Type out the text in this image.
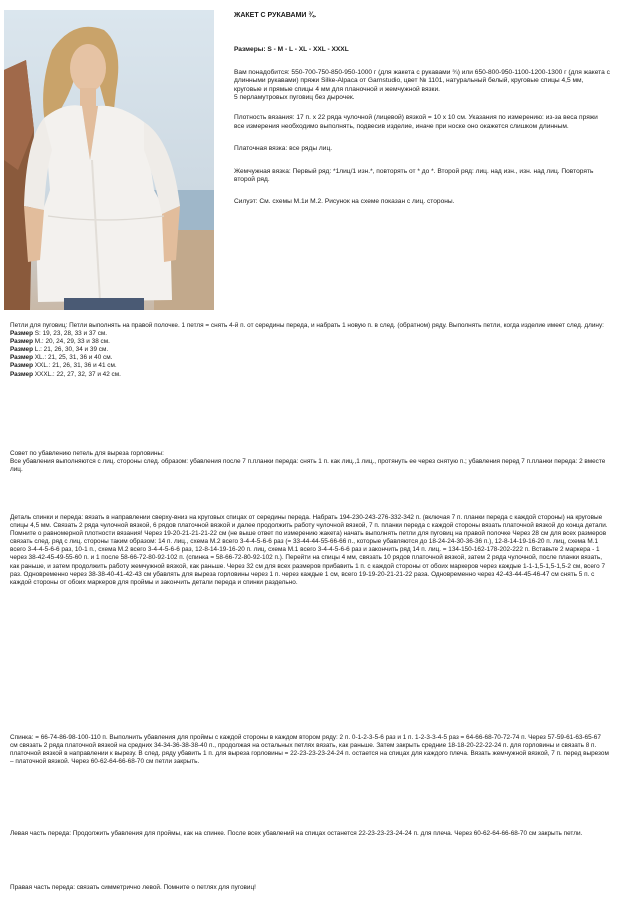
ЖАКЕТ С РУКАВАМИ ¾.

Размеры: S - M - L - XL - XXL - XXXL

Вам понадобится: 550-700-750-850-950-1000 г (для жакета с рукавами ¾) или 650-800-950-1100-1200-1300 г (для жакета с длинными рукавами) пряжи Silke-Alpaca от Garnstudio, цвет № 1101, натуральный белый, круговые спицы 4,5 мм, круговые и прямые спицы 4 мм для планочной и жемчужной вязки.

5 перламутровых пуговиц без дырочек.

Плотность вязания: 17 п. х 22 ряда чулочной (лицевой) вязкой = 10 х 10 см. Указания по измерению: из-за веса пряжи все измерения необходимо выполнять, подвесив изделие, иначе при носке оно окажется слишком длинным.

Платочная вязка: все ряды лиц.

Жемчужная вязка: Первый ряд: *1лиц/1 изн.*, повторять от * до *. Второй ряд: лиц. над изн., изн. над лиц. Повторять второй ряд.

Силуэт: См. схемы М.1и М.2. Рисунок на схеме показан с лиц. стороны.

Петли для пуговиц: Петли выполнять на правой полочке. 1 петля = снять 4-й п. от середины переда, и набрать 1 новую п. в след. (обратном) ряду. Выполнять петли, когда изделие имеет след. длину:

Размер S: 19, 23, 28, 33 и 37 см.

Размер M.: 20, 24, 29, 33 и 38 см.

Размер L.: 21, 26, 30, 34 и 39 см.

Размер XL.: 21, 25, 31, 36 и 40 см.

Размер XXL.: 21, 26, 31, 36 и 41 см.

Размер XXXL.: 22, 27, 32, 37 и 42 см.

Совет по убавлению петель для выреза горловины:

Все убавления выполняются с лиц. стороны след. образом: убавления после 7 п.планки переда: снять 1 п. как лиц.,1 лиц., протянуть ее через снятую п.; убавления перед 7 п.планки переда: 2 вместе лиц.

Деталь спинки и переда: вязать в направлении сверху-вниз на круговых спицах от середины переда. Набрать 194-230-243-276-332-342 п. (включая 7 п. планки переда с каждой стороны) на круговые спицы 4,5 мм. Связать 2 ряда чулочной вязкой, 6 рядов платочной вязкой и далее продолжить работу чулочной вязкой, 7 п. планки переда с каждой стороны вязать платочной вязкой до конца детали. Помните о равномерной плотности вязания! Через 19-20-21-21-21-22 см (не выше ответ по измерению жакета) начать выполнять петли для пуговиц на правой полочке Через 28 см для всех размеров связать след. ряд с лиц. стороны таким образом: 14 п. лиц., схема М.2 всего 3-4-4-5-6-6 раз (= 33-44-44-55-66-66 п., которые убавляются до 18-24-24-30-36-36 п.), 12-8-14-19-16-20 п. лиц, схема М.1 всего 3-4-4-5-6-6 раз, 10-1 п., схема М.2 всего 3-4-4-5-6-6 раз, 12-8-14-19-16-20 п. лиц, схема М.1 всего 3-4-4-5-6-6 раз и закончить ряд 14 п. лиц. = 134-150-162-178-202-222 п. Вставьте 2 маркера - 1 через 38-42-45-49-55-60 п. и 1 после 58-66-72-80-92-102 п. (спинка = 58-66-72-80-92-102 п.). Перейти на спицы 4 мм, связать 10 рядов платочной вязкой, затем 2 ряда чулочной, после планки вязать, как раньше, и затем продолжить работу жемчужной вязкой, как раньше. Через 32 см для всех размеров прибавить 1 п. с каждой стороны от обоих маркеров через каждые 1-1-1,5-1,5-1,5-2 см, всего 7 раз. Одновременно через 38-38-40-41-42-43 см убавлять для выреза горловины через 1 п. через каждые 1 см, всего 19-19-20-21-21-22 раза. Одновременно через 42-43-44-45-46-47 см снять 5 п. с каждой стороны от обоих маркеров для проймы и закончить детали переда и спинки раздельно.

Спинка: = 66-74-86-98-100-110 п. Выполнить убавления для проймы с каждой стороны в каждом втором ряду: 2 п. 0-1-2-3-5-6 раз и 1 п. 1-2-3-3-4-5 раз = 64-66-68-70-72-74 п. Через 57-59-61-63-65-67 см связать 2 ряда платочной вязкой на средних 34-34-36-38-38-40 п., продолжая на остальных петлях вязать, как раньше. Затем закрыть средние 18-18-20-22-22-24 п. для горловины и связать 8 п. платочной вязкой в направлении к вырезу. В след. ряду убавить 1 п. для выреза горловины = 22-23-23-23-24-24 п. остается на спицах для каждого плеча. Вязать жемчужной вязкой, 7 п. перед вырезом – платочной вязкой. Через 60-62-64-66-68-70 см петли закрыть.

Левая часть переда: Продолжить убавления для проймы, как на спинке. После всех убавлений на спицах останется 22-23-23-23-24-24 п. для плеча. Через 60-62-64-66-68-70 см закрыть петли.

Правая часть переда: связать симметрично левой. Помните о петлях для пуговиц!
